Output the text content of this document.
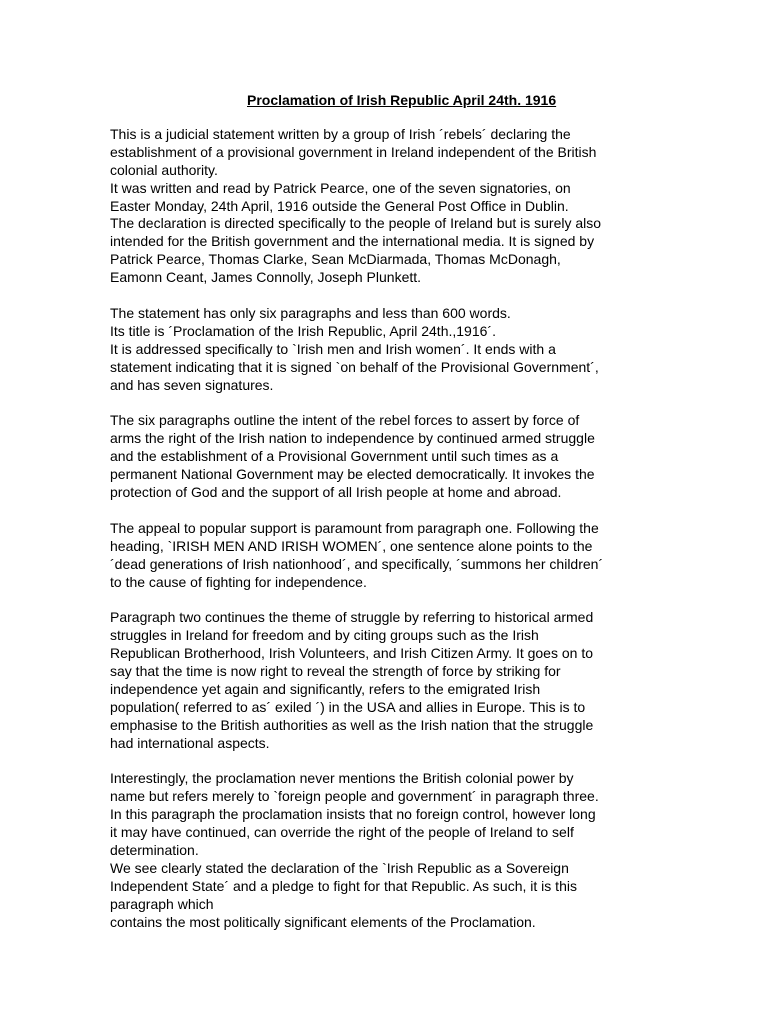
Proclamation of Irish Republic April 24th. 1916
This is a judicial statement written by a group of Irish ´rebels´ declaring the
establishment of a provisional government in Ireland independent of the British
colonial authority.
It was written and read by Patrick Pearce, one of the seven signatories, on
Easter Monday, 24th April, 1916 outside the General Post Office in Dublin.
The declaration is directed specifically to the people of Ireland but is surely also
intended for the British government and the international media. It is signed by
Patrick Pearce, Thomas Clarke, Sean McDiarmada, Thomas McDonagh,
Eamonn Ceant, James Connolly, Joseph Plunkett.
The statement has only six paragraphs and less than 600 words.
Its title is ´Proclamation of the Irish Republic, April 24th.,1916´.
It is addressed specifically to `Irish men and Irish women´. It ends with a
statement indicating that it is signed `on behalf of the Provisional Government´,
and has seven signatures.
The six paragraphs outline the intent of the rebel forces to assert by force of
arms the right of the Irish nation to independence by continued armed struggle
and the establishment of a Provisional Government until such times as a
permanent National Government may be elected democratically. It invokes the
protection of God and the support of all Irish people at home and abroad.
The appeal to popular support is paramount from paragraph one. Following the
heading, `IRISH MEN AND IRISH WOMEN´, one sentence alone points to the
´dead generations of Irish nationhood´, and specifically, ´summons her children´
to the cause of fighting for independence.
Paragraph two continues the theme of struggle by referring to historical armed
struggles in Ireland for freedom and by citing groups such as the Irish
Republican Brotherhood, Irish Volunteers, and Irish Citizen Army. It goes on to
say that the time is now right to reveal the strength of force by striking for
independence yet again and significantly, refers to the emigrated Irish
population( referred to as´ exiled ´) in the USA and allies in Europe. This is to
emphasise to the British authorities as well as the Irish nation that the struggle
had international aspects.
Interestingly, the proclamation never mentions the British colonial power by
name but refers merely to `foreign people and government´ in paragraph three.
In this paragraph the proclamation insists that no foreign control, however long
it may have continued, can override the right of the people of Ireland to self
determination.
We see clearly stated the declaration of the `Irish Republic as a Sovereign
Independent State´ and a pledge to fight for that Republic. As such, it is this
paragraph which
contains the most politically significant elements of the Proclamation.
